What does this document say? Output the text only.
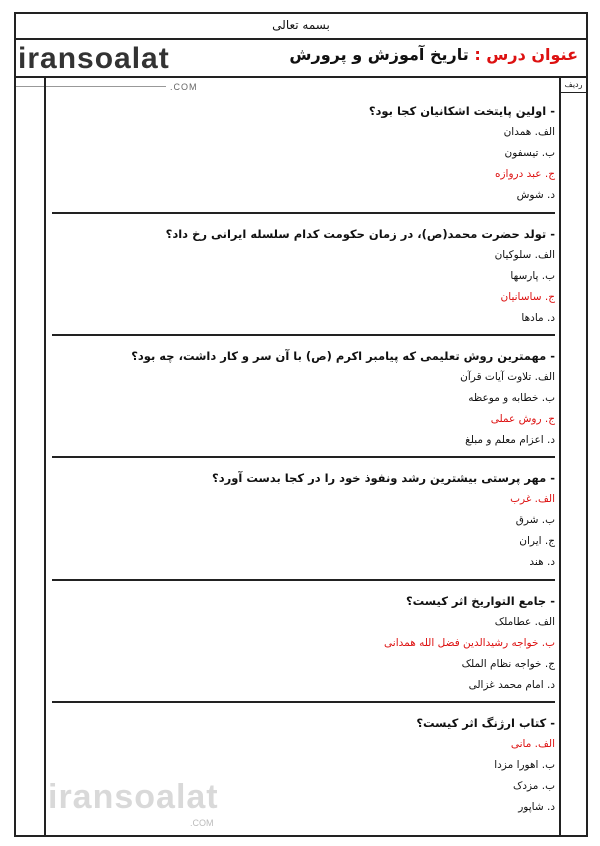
بسمه تعالی
iransoalat	عنوان درس : تاریخ آموزش و پرورش
.COM	ردیف
- اولین پایتخت اشکانیان کجا بود؟
الف. همدان
ب. تیسفون
ج. عبد دروازه
د. شوش
- تولد حضرت محمد(ص)، در زمان حکومت کدام سلسله ایرانی رخ داد؟
الف. سلوکیان
ب. پارسها
ج. ساسانیان
د. مادها
- مهمترین روش تعلیمی که پیامبر اکرم (ص) با آن سر و کار داشت، چه بود؟
الف. تلاوت آیات قرآن
ب. خطابه و موعظه
ج. روش عملی
د. اعزام معلم و مبلغ
- مهر پرستی بیشترین رشد ونفوذ خود را در کجا بدست آورد؟
الف. غرب
ب. شرق
ج. ایران
د. هند
- جامع التواریخ اثر کیست؟
الف. عطاملک
ب. خواجه رشیدالدین فضل الله همدانی
ج. خواجه نظام الملک
د. امام محمد غزالی
- کتاب ارژنگ اثر کیست؟
الف. مانی
ب. اهورا مزدا
ب. مزدک
د. شاپور
iransoalat
.COM
